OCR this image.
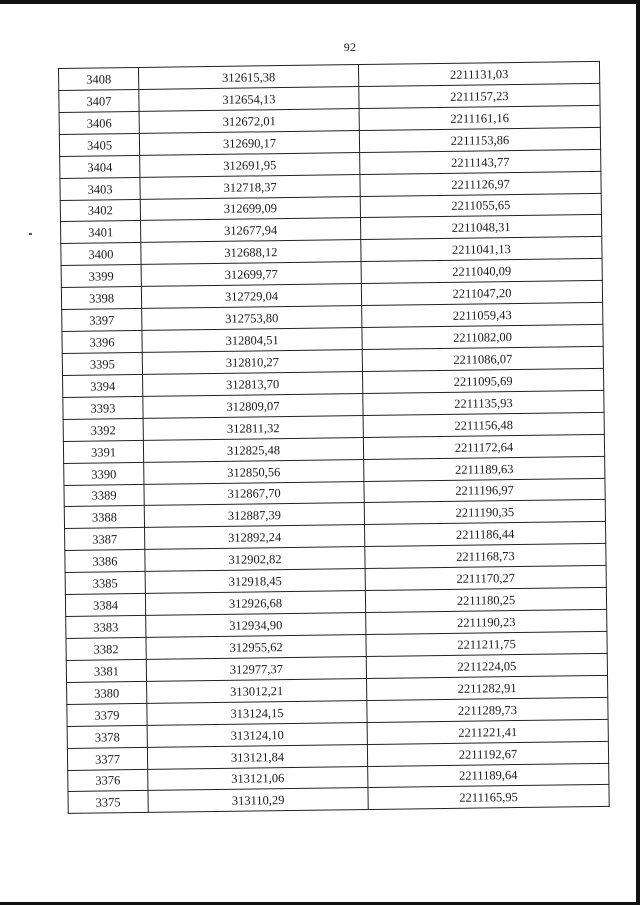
92
3408	312615,38	2211131,03
3407	312654,13	2211157,23
3406	312672,01	2211161,16
3405	312690,17	2211153,86
3404	312691,95	2211143,77
3403	312718,37	2211126,97
3402	312699,09	2211055,65
3401	312677,94	2211048,31
3400	312688,12	2211041,13
3399	312699,77	2211040,09
3398	312729,04	2211047,20
3397	312753,80	2211059,43
3396	312804,51	2211082,00
3395	312810,27	2211086,07
3394	312813,70	2211095,69
3393	312809,07	2211135,93
3392	312811,32	2211156,48
3391	312825,48	2211172,64
3390	312850,56	2211189,63
3389	312867,70	2211196,97
3388	312887,39	2211190,35
3387	312892,24	2211186,44
3386	312902,82	2211168,73
3385	312918,45	2211170,27
3384	312926,68	2211180,25
3383	312934,90	2211190,23
3382	312955,62	2211211,75
3381	312977,37	2211224,05
3380	313012,21	2211282,91
3379	313124,15	2211289,73
3378	313124,10	2211221,41
3377	313121,84	2211192,67
3376	313121,06	2211189,64
3375	313110,29	2211165,95
